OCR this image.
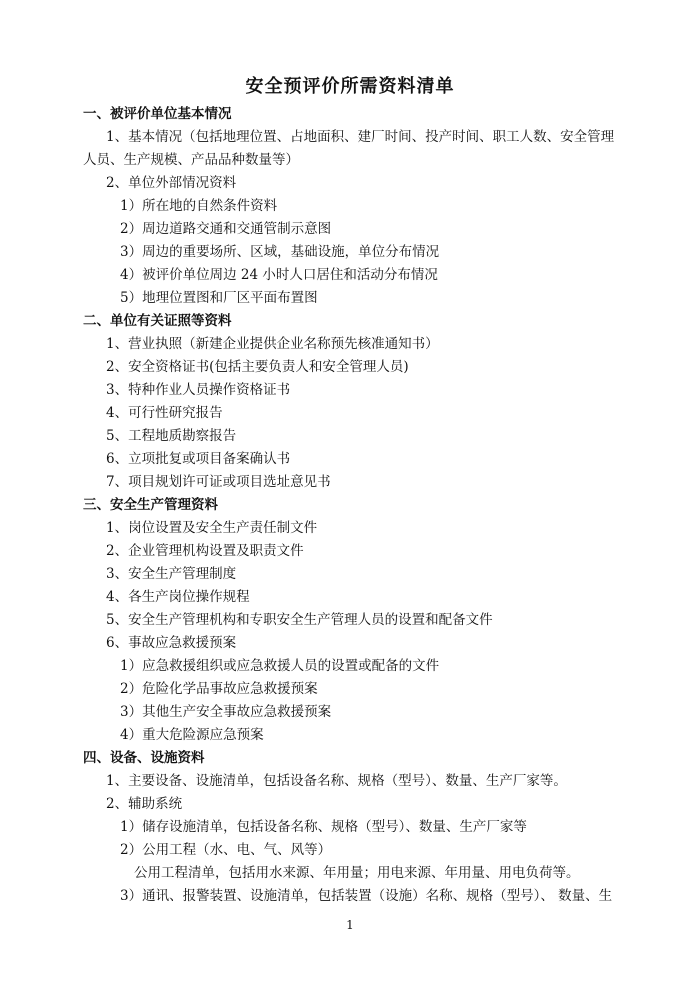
安全预评价所需资料清单
一、被评价单位基本情况
1、基本情况（包括地理位置、占地面积、建厂时间、投产时间、职工人数、安全管理
人员、生产规模、产品品种数量等）
2、单位外部情况资料
1）所在地的自然条件资料
2）周边道路交通和交通管制示意图
3）周边的重要场所、区域，基础设施，单位分布情况
4）被评价单位周边 24 小时人口居住和活动分布情况
5）地理位置图和厂区平面布置图
二、单位有关证照等资料
1、营业执照（新建企业提供企业名称预先核准通知书）
2、安全资格证书(包括主要负责人和安全管理人员)
3、特种作业人员操作资格证书
4、可行性研究报告
5、工程地质勘察报告
6、立项批复或项目备案确认书
7、项目规划许可证或项目选址意见书
三、安全生产管理资料
1、岗位设置及安全生产责任制文件
2、企业管理机构设置及职责文件
3、安全生产管理制度
4、各生产岗位操作规程
5、安全生产管理机构和专职安全生产管理人员的设置和配备文件
6、事故应急救援预案
1）应急救援组织或应急救援人员的设置或配备的文件
2）危险化学品事故应急救援预案
3）其他生产安全事故应急救援预案
4）重大危险源应急预案
四、设备、设施资料
1、主要设备、设施清单，包括设备名称、规格（型号）、数量、生产厂家等。
2、辅助系统
1）储存设施清单，包括设备名称、规格（型号）、数量、生产厂家等
2）公用工程（水、电、气、风等）
公用工程清单，包括用水来源、年用量；用电来源、年用量、用电负荷等。
3）通讯、报警装置、设施清单，包括装置（设施）名称、规格（型号）、 数量、生
1
